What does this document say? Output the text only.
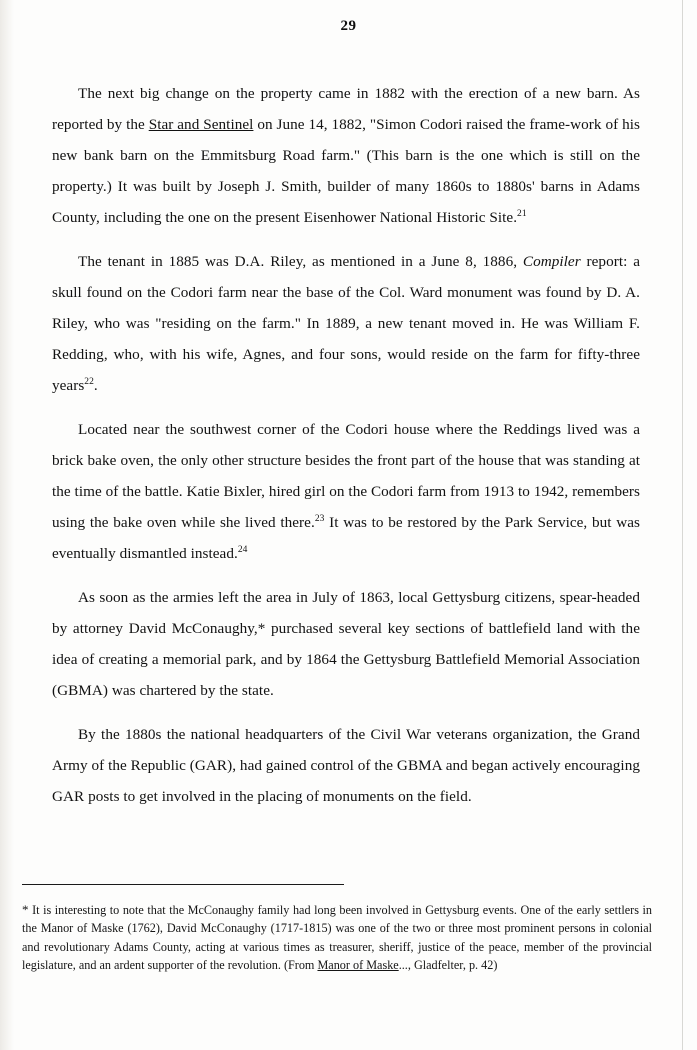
29

The next big change on the property came in 1882 with the erection of a new barn. As reported by the Star and Sentinel on June 14, 1882, "Simon Codori raised the frame-work of his new bank barn on the Emmitsburg Road farm." (This barn is the one which is still on the property.) It was built by Joseph J. Smith, builder of many 1860s to 1880s' barns in Adams County, including the one on the present Eisenhower National Historic Site.$^{21}$

The tenant in 1885 was D.A. Riley, as mentioned in a June 8, 1886, Compiler report: a skull found on the Codori farm near the base of the Col. Ward monument was found by D. A. Riley, who was "residing on the farm." In 1889, a new tenant moved in. He was William F. Redding, who, with his wife, Agnes, and four sons, would reside on the farm for fifty-three years$^{22}$.

Located near the southwest corner of the Codori house where the Reddings lived was a brick bake oven, the only other structure besides the front part of the house that was standing at the time of the battle. Katie Bixler, hired girl on the Codori farm from 1913 to 1942, remembers using the bake oven while she lived there.$^{23}$ It was to be restored by the Park Service, but was eventually dismantled instead.$^{24}$

As soon as the armies left the area in July of 1863, local Gettysburg citizens, spear-headed by attorney David McConaughy,* purchased several key sections of battlefield land with the idea of creating a memorial park, and by 1864 the Gettysburg Battlefield Memorial Association (GBMA) was chartered by the state.

By the 1880s the national headquarters of the Civil War veterans organization, the Grand Army of the Republic (GAR), had gained control of the GBMA and began actively encouraging GAR posts to get involved in the placing of monuments on the field.

* It is interesting to note that the McConaughy family had long been involved in Gettysburg events. One of the early settlers in the Manor of Maske (1762), David McConaughy (1717-1815) was one of the two or three most prominent persons in colonial and revolutionary Adams County, acting at various times as treasurer, sheriff, justice of the peace, member of the provincial legislature, and an ardent supporter of the revolution. (From Manor of Maske..., Gladfelter, p. 42)
